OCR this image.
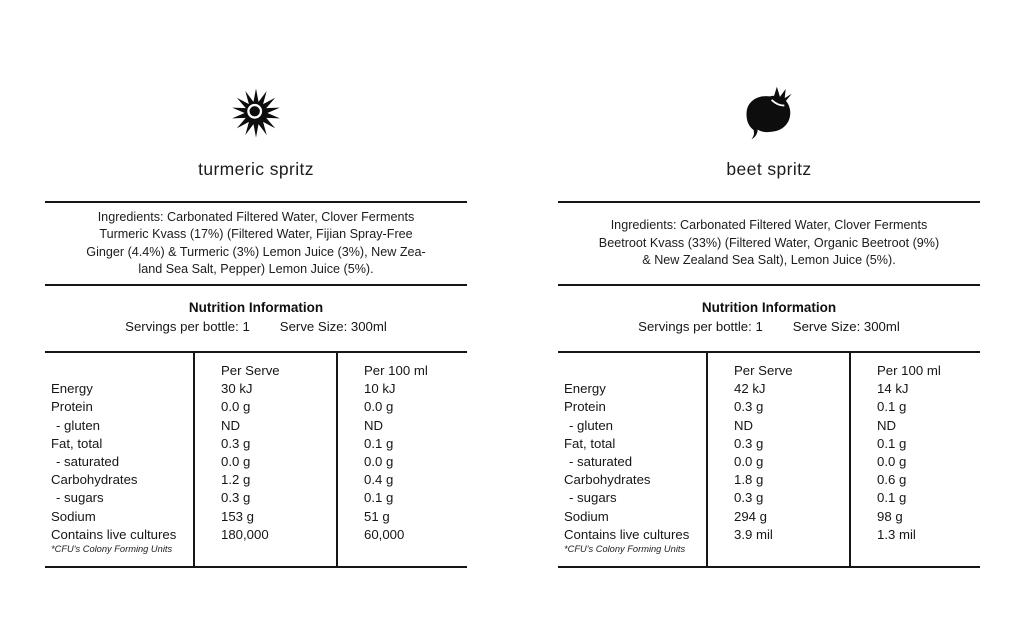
turmeric spritz
Ingredients: Carbonated Filtered Water, Clover Ferments
Turmeric Kvass (17%) (Filtered Water, Fijian Spray-Free
Ginger (4.4%) & Turmeric (3%) Lemon Juice (3%), New Zea-
land Sea Salt, Pepper) Lemon Juice (5%).
Nutrition Information
Servings per bottle: 1 Serve Size: 300ml
Energy
Protein
- gluten
Fat, total
- saturated
Carbohydrates
- sugars
Sodium
Contains live cultures
*CFU's Colony Forming Units
Per Serve
30 kJ
0.0 g
ND
0.3 g
0.0 g
1.2 g
0.3 g
153 g
180,000
Per 100 ml
10 kJ
0.0 g
ND
0.1 g
0.0 g
0.4 g
0.1 g
51 g
60,000
beet spritz
Ingredients: Carbonated Filtered Water, Clover Ferments
Beetroot Kvass (33%) (Filtered Water, Organic Beetroot (9%)
& New Zealand Sea Salt), Lemon Juice (5%).
Nutrition Information
Servings per bottle: 1 Serve Size: 300ml
Energy
Protein
- gluten
Fat, total
- saturated
Carbohydrates
- sugars
Sodium
Contains live cultures
*CFU's Colony Forming Units
Per Serve
42 kJ
0.3 g
ND
0.3 g
0.0 g
1.8 g
0.3 g
294 g
3.9 mil
Per 100 ml
14 kJ
0.1 g
ND
0.1 g
0.0 g
0.6 g
0.1 g
98 g
1.3 mil
